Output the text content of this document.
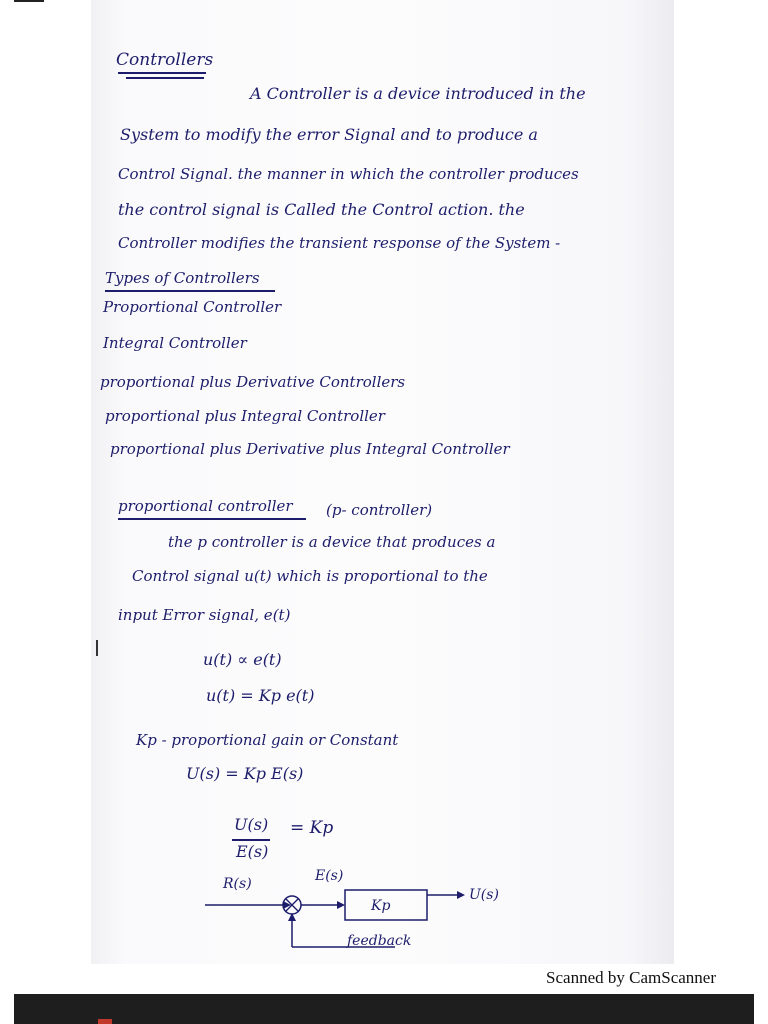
Controllers
A Controller is a device introduced in the
System to modify the error Signal and to produce a
Control Signal. the manner in which the controller produces
the control signal is Called the Control action. the
Controller modifies the transient response of the System -
Types of Controllers
Proportional Controller
Integral Controller
proportional plus Derivative Controllers
proportional plus Integral Controller
proportional plus Derivative plus Integral Controller
proportional controller (p- controller)
the p controller is a device that produces a
Control signal u(t) which is proportional to the
input Error signal, e(t)
u(t) ∝ e(t)
u(t) = Kp e(t)
Kp - proportional gain or Constant
U(s) = Kp E(s)
U(s)
E(s)
= Kp
R(s)	E(s)
Kp
U(s)
feedback
Scanned by CamScanner
